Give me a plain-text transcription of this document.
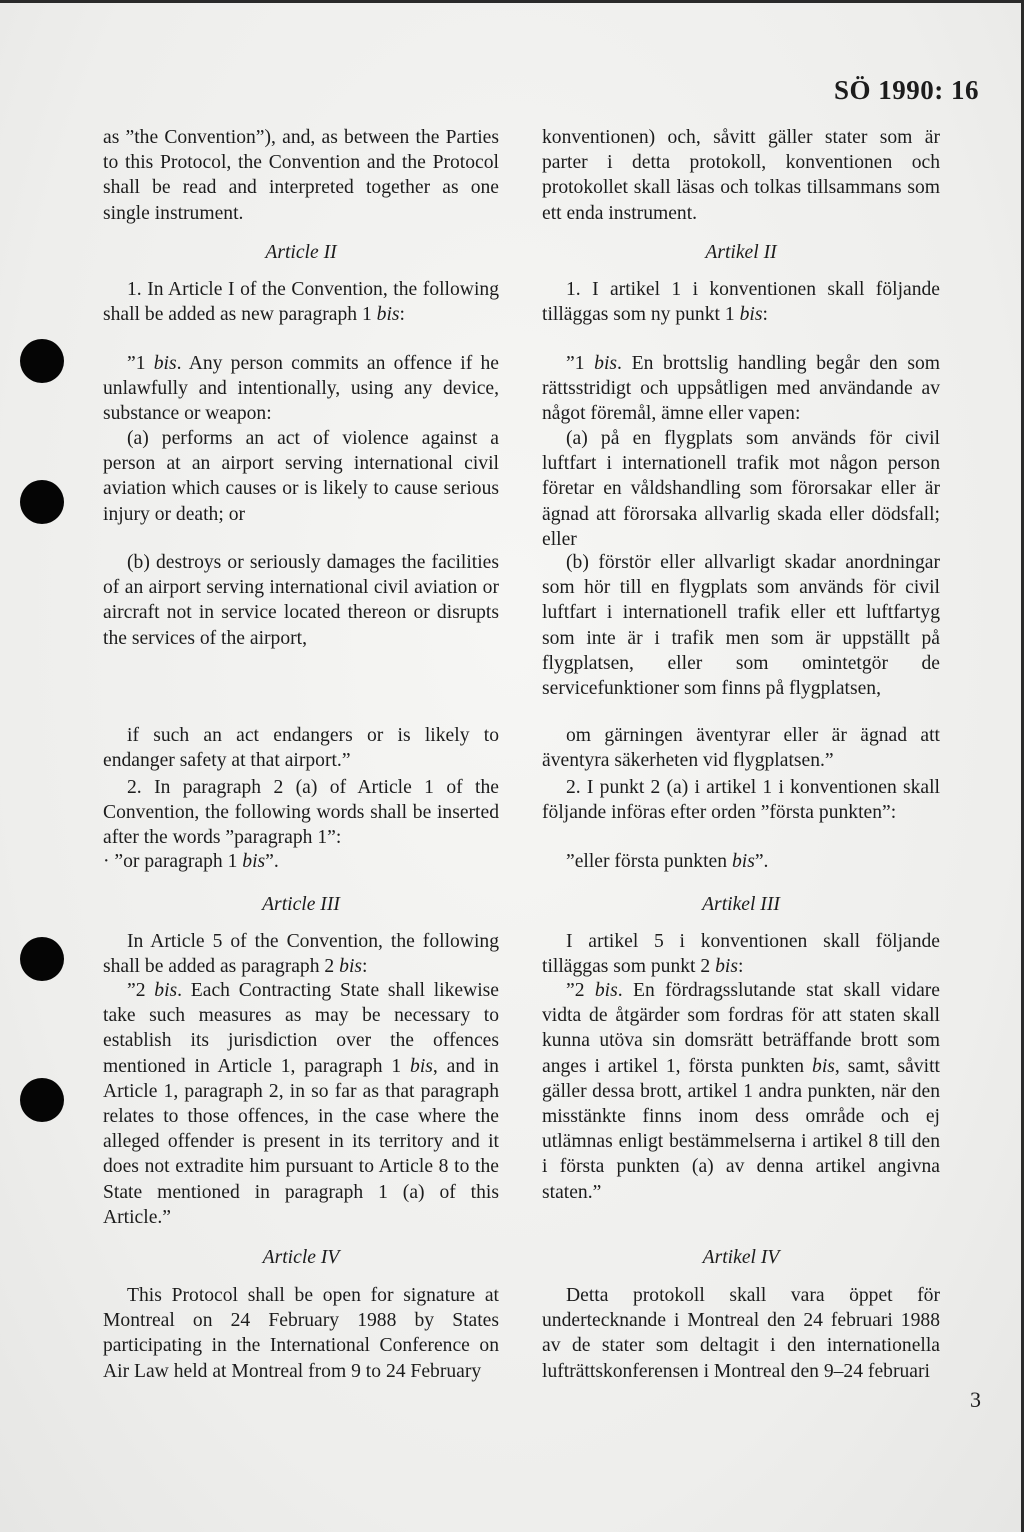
SÖ 1990: 16

as ”the Convention”), and, as between the Parties to this Protocol, the Convention and the Protocol shall be read and interpreted together as one single instrument.

Article II

1. In Article I of the Convention, the following shall be added as new paragraph 1 bis:

”1 bis. Any person commits an offence if he unlawfully and intentionally, using any device, substance or weapon:

(a) performs an act of violence against a person at an airport serving international civil aviation which causes or is likely to cause serious injury or death; or

(b) destroys or seriously damages the facilities of an airport serving international civil aviation or aircraft not in service located thereon or disrupts the services of the airport,

if such an act endangers or is likely to endanger safety at that airport.”

2. In paragraph 2 (a) of Article 1 of the Convention, the following words shall be inserted after the words ”paragraph 1”:

· ”or paragraph 1 bis”.

Article III

In Article 5 of the Convention, the following shall be added as paragraph 2 bis:

”2 bis. Each Contracting State shall likewise take such measures as may be necessary to establish its jurisdiction over the offences mentioned in Article 1, paragraph 1 bis, and in Article 1, paragraph 2, in so far as that paragraph relates to those offences, in the case where the alleged offender is present in its territory and it does not extradite him pursuant to Article 8 to the State mentioned in paragraph 1 (a) of this Article.”

Article IV

This Protocol shall be open for signature at Montreal on 24 February 1988 by States participating in the International Conference on Air Law held at Montreal from 9 to 24 February

konventionen) och, såvitt gäller stater som är parter i detta protokoll, konventionen och protokollet skall läsas och tolkas tillsammans som ett enda instrument.

Artikel II

1. I artikel 1 i konventionen skall följande tilläggas som ny punkt 1 bis:

”1 bis. En brottslig handling begår den som rättsstridigt och uppsåtligen med användande av något föremål, ämne eller vapen:

(a) på en flygplats som används för civil luftfart i internationell trafik mot någon person företar en våldshandling som förorsakar eller är ägnad att förorsaka allvarlig skada eller dödsfall; eller

(b) förstör eller allvarligt skadar anordningar som hör till en flygplats som används för civil luftfart i internationell trafik eller ett luftfartyg som inte är i trafik men som är uppställt på flygplatsen, eller som omintetgör de servicefunktioner som finns på flygplatsen,

om gärningen äventyrar eller är ägnad att äventyra säkerheten vid flygplatsen.”

2. I punkt 2 (a) i artikel 1 i konventionen skall följande införas efter orden ”första punkten”:

”eller första punkten bis”.

Artikel III

I artikel 5 i konventionen skall följande tilläggas som punkt 2 bis:

”2 bis. En fördragsslutande stat skall vidare vidta de åtgärder som fordras för att staten skall kunna utöva sin domsrätt beträffande brott som anges i artikel 1, första punkten bis, samt, såvitt gäller dessa brott, artikel 1 andra punkten, när den misstänkte finns inom dess område och ej utlämnas enligt bestämmelserna i artikel 8 till den i första punkten (a) av denna artikel angivna staten.”

Artikel IV

Detta protokoll skall vara öppet för undertecknande i Montreal den 24 februari 1988 av de stater som deltagit i den internationella lufträttskonferensen i Montreal den 9–24 februari

3
